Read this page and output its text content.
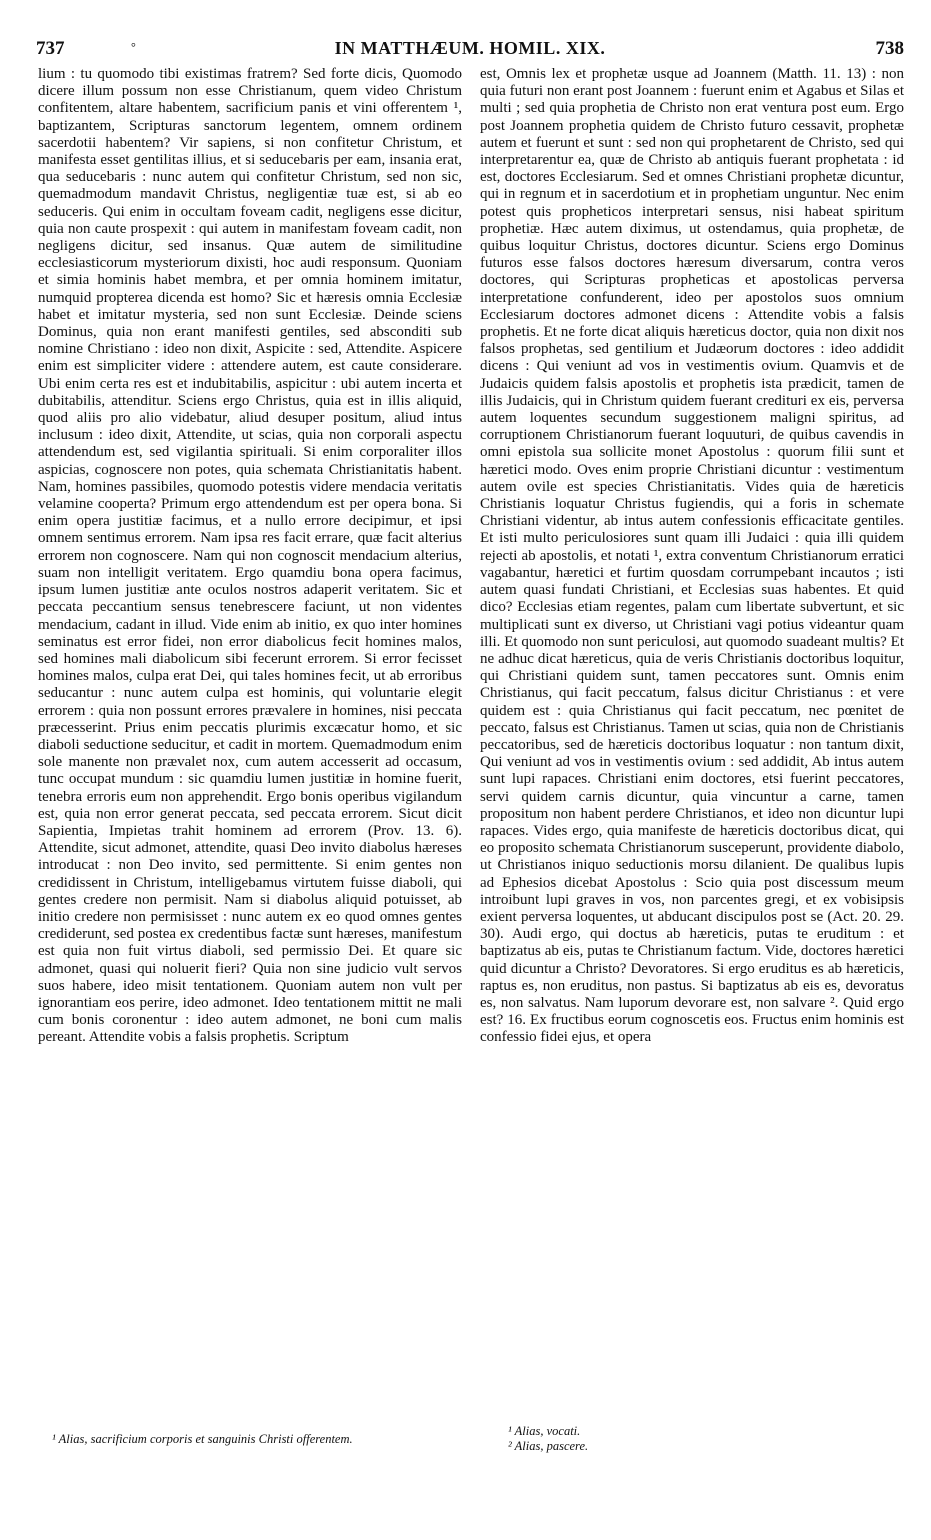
737	°	IN MATTHÆUM. HOMIL. XIX.	738

lium : tu quomodo tibi existimas fratrem? Sed forte dicis, Quomodo dicere illum possum non esse Christianum, quem video Christum confitentem, altare habentem, sacrificium panis et vini offerentem ¹, baptizantem, Scripturas sanctorum legentem, omnem ordinem sacerdotii habentem? Vir sapiens, si non confitetur Christum, et manifesta esset gentilitas illius, et si seducebaris per eam, insania erat, qua seducebaris : nunc autem qui confitetur Christum, sed non sic, quemadmodum mandavit Christus, negligentiæ tuæ est, si ab eo seduceris. Qui enim in occultam foveam cadit, negligens esse dicitur, quia non caute prospexit : qui autem in manifestam foveam cadit, non negligens dicitur, sed insanus. Quæ autem de similitudine ecclesiasticorum mysteriorum dixisti, hoc audi responsum. Quoniam et simia hominis habet membra, et per omnia hominem imitatur, numquid propterea dicenda est homo? Sic et hæresis omnia Ecclesiæ habet et imitatur mysteria, sed non sunt Ecclesiæ. Deinde sciens Dominus, quia non erant manifesti gentiles, sed absconditi sub nomine Christiano : ideo non dixit, Aspicite : sed, Attendite. Aspicere enim est simpliciter videre : attendere autem, est caute considerare. Ubi enim certa res est et indubitabilis, aspicitur : ubi autem incerta et dubitabilis, attenditur. Sciens ergo Christus, quia est in illis aliquid, quod aliis pro alio videbatur, aliud desuper positum, aliud intus inclusum : ideo dixit, Attendite, ut scias, quia non corporali aspectu attendendum est, sed vigilantia spirituali. Si enim corporaliter illos aspicias, cognoscere non potes, quia schemata Christianitatis habent. Nam, homines passibiles, quomodo potestis videre mendacia veritatis velamine cooperta? Primum ergo attendendum est per opera bona. Si enim opera justitiæ facimus, et a nullo errore decipimur, et ipsi omnem sentimus errorem. Nam ipsa res facit errare, quæ facit alterius errorem non cognoscere. Nam qui non cognoscit mendacium alterius, suam non intelligit veritatem. Ergo quamdiu bona opera facimus, ipsum lumen justitiæ ante oculos nostros adaperit veritatem. Sic et peccata peccantium sensus tenebrescere faciunt, ut non videntes mendacium, cadant in illud. Vide enim ab initio, ex quo inter homines seminatus est error fidei, non error diabolicus fecit homines malos, sed homines mali diabolicum sibi fecerunt errorem. Si error fecisset homines malos, culpa erat Dei, qui tales homines fecit, ut ab erroribus seducantur : nunc autem culpa est hominis, qui voluntarie elegit errorem : quia non possunt errores prævalere in homines, nisi peccata præcesserint. Prius enim peccatis plurimis excæcatur homo, et sic diaboli seductione seducitur, et cadit in mortem. Quemadmodum enim sole manente non prævalet nox, cum autem accesserit ad occasum, tunc occupat mundum : sic quamdiu lumen justitiæ in homine fuerit, tenebra erroris eum non apprehendit. Ergo bonis operibus vigilandum est, quia non error generat peccata, sed peccata errorem. Sicut dicit Sapientia, Impietas trahit hominem ad errorem (Prov. 13. 6). Attendite, sicut admonet, attendite, quasi Deo invito diabolus hæreses introducat : non Deo invito, sed permittente. Si enim gentes non credidissent in Christum, intelligebamus virtutem fuisse diaboli, qui gentes credere non permisit. Nam si diabolus aliquid potuisset, ab initio credere non permisisset : nunc autem ex eo quod omnes gentes crediderunt, sed postea ex credentibus factæ sunt hæreses, manifestum est quia non fuit virtus diaboli, sed permissio Dei. Et quare sic admonet, quasi qui noluerit fieri? Quia non sine judicio vult servos suos habere, ideo misit tentationem. Quoniam autem non vult per ignorantiam eos perire, ideo admonet. Ideo tentationem mittit ne mali cum bonis coronentur : ideo autem admonet, ne boni cum malis pereant. Attendite vobis a falsis prophetis. Scriptum

est, Omnis lex et prophetæ usque ad Joannem (Matth. 11. 13) : non quia futuri non erant post Joannem : fuerunt enim et Agabus et Silas et multi ; sed quia prophetia de Christo non erat ventura post eum. Ergo post Joannem prophetia quidem de Christo futuro cessavit, prophetæ autem et fuerunt et sunt : sed non qui prophetarent de Christo, sed qui interpretarentur ea, quæ de Christo ab antiquis fuerant prophetata : id est, doctores Ecclesiarum. Sed et omnes Christiani prophetæ dicuntur, qui in regnum et in sacerdotium et in prophetiam unguntur. Nec enim potest quis propheticos interpretari sensus, nisi habeat spiritum prophetiæ. Hæc autem diximus, ut ostendamus, quia prophetæ, de quibus loquitur Christus, doctores dicuntur. Sciens ergo Dominus futuros esse falsos doctores hæresum diversarum, contra veros doctores, qui Scripturas propheticas et apostolicas perversa interpretatione confunderent, ideo per apostolos suos omnium Ecclesiarum doctores admonet dicens : Attendite vobis a falsis prophetis. Et ne forte dicat aliquis hæreticus doctor, quia non dixit nos falsos prophetas, sed gentilium et Judæorum doctores : ideo addidit dicens : Qui veniunt ad vos in vestimentis ovium. Quamvis et de Judaicis quidem falsis apostolis et prophetis ista prædicit, tamen de illis Judaicis, qui in Christum quidem fuerant credituri ex eis, perversa autem loquentes secundum suggestionem maligni spiritus, ad corruptionem Christianorum fuerant loquuturi, de quibus cavendis in omni epistola sua sollicite monet Apostolus : quorum filii sunt et hæretici modo. Oves enim proprie Christiani dicuntur : vestimentum autem ovile est species Christianitatis. Vides quia de hæreticis Christianis loquatur Christus fugiendis, qui a foris in schemate Christiani videntur, ab intus autem confessionis efficacitate gentiles. Et isti multo periculosiores sunt quam illi Judaici : quia illi quidem rejecti ab apostolis, et notati ¹, extra conventum Christianorum erratici vagabantur, hæretici et furtim quosdam corrumpebant incautos ; isti autem quasi fundati Christiani, et Ecclesias suas habentes. Et quid dico? Ecclesias etiam regentes, palam cum libertate subvertunt, et sic multiplicati sunt ex diverso, ut Christiani vagi potius videantur quam illi. Et quomodo non sunt periculosi, aut quomodo suadeant multis? Et ne adhuc dicat hæreticus, quia de veris Christianis doctoribus loquitur, qui Christiani quidem sunt, tamen peccatores sunt. Omnis enim Christianus, qui facit peccatum, falsus dicitur Christianus : et vere quidem est : quia Christianus qui facit peccatum, nec pœnitet de peccato, falsus est Christianus. Tamen ut scias, quia non de Christianis peccatoribus, sed de hæreticis doctoribus loquatur : non tantum dixit, Qui veniunt ad vos in vestimentis ovium : sed addidit, Ab intus autem sunt lupi rapaces. Christiani enim doctores, etsi fuerint peccatores, servi quidem carnis dicuntur, quia vincuntur a carne, tamen propositum non habent perdere Christianos, et ideo non dicuntur lupi rapaces. Vides ergo, quia manifeste de hæreticis doctoribus dicat, qui eo proposito schemata Christianorum susceperunt, providente diabolo, ut Christianos iniquo seductionis morsu dilanient. De qualibus lupis ad Ephesios dicebat Apostolus : Scio quia post discessum meum introibunt lupi graves in vos, non parcentes gregi, et ex vobisipsis exient perversa loquentes, ut abducant discipulos post se (Act. 20. 29. 30). Audi ergo, qui doctus ab hæreticis, putas te eruditum : et baptizatus ab eis, putas te Christianum factum. Vide, doctores hæretici quid dicuntur a Christo? Devoratores. Si ergo eruditus es ab hæreticis, raptus es, non eruditus, non pastus. Si baptizatus ab eis es, devoratus es, non salvatus. Nam luporum devorare est, non salvare ². Quid ergo est? 16. Ex fructibus eorum cognoscetis eos. Fructus enim hominis est confessio fidei ejus, et opera

¹ Alias, sacrificium corporis et sanguinis Christi offerentem.
¹ Alias, vocati.
² Alias, pascere.
